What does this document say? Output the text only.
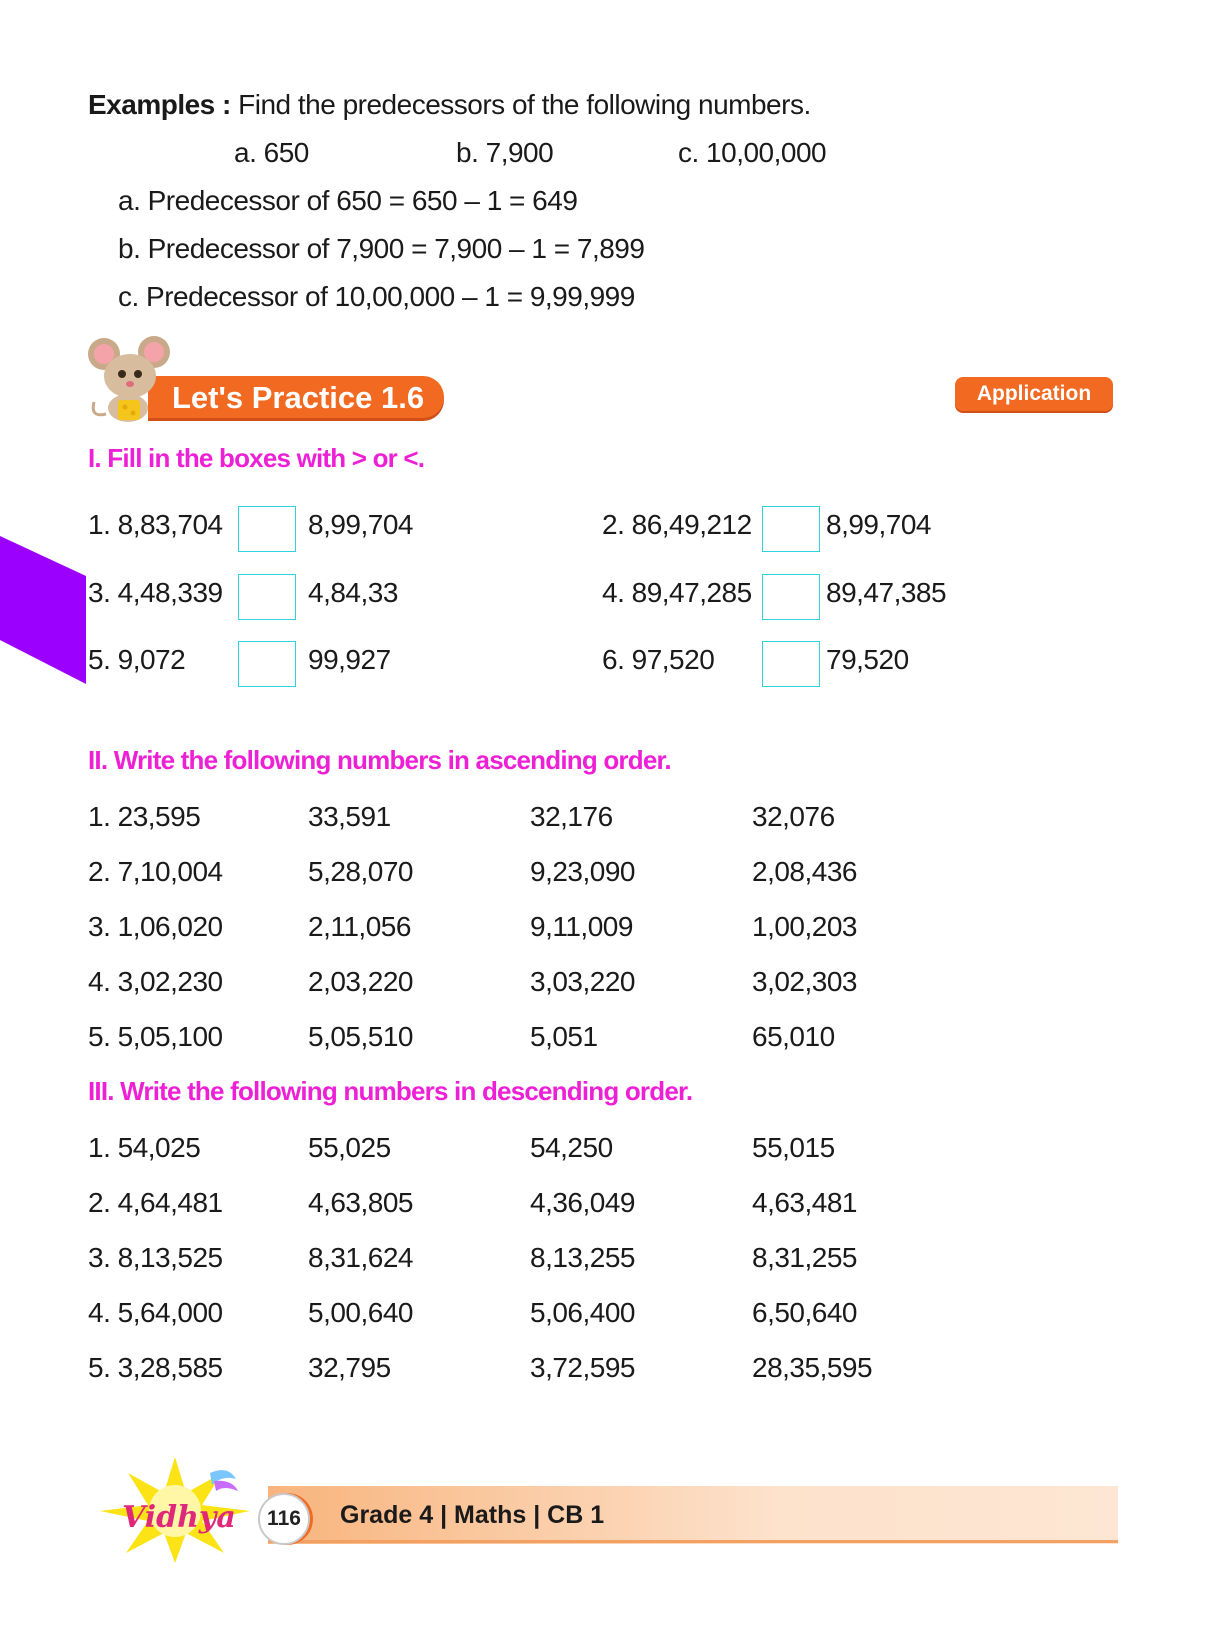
Examples : Find the predecessors of the following numbers.
a. 650	b. 7,900	c. 10,00,000
a. Predecessor of 650 = 650 – 1 = 649
b. Predecessor of 7,900 = 7,900 – 1 = 7,899
c. Predecessor of 10,00,000 – 1 = 9,99,999
Let's Practice 1.6	Application
I. Fill in the boxes with > or <.
1. 8,83,704	8,99,704	2. 86,49,212	8,99,704
3. 4,48,339	4,84,33	4. 89,47,285	89,47,385
5. 9,072	99,927	6. 97,520	79,520
II. Write the following numbers in ascending order.
1. 23,595	33,591	32,176	32,076
2. 7,10,004	5,28,070	9,23,090	2,08,436
3. 1,06,020	2,11,056	9,11,009	1,00,203
4. 3,02,230	2,03,220	3,03,220	3,02,303
5. 5,05,100	5,05,510	5,051	65,010
III. Write the following numbers in descending order.
1. 54,025	55,025	54,250	55,015
2. 4,64,481	4,63,805	4,36,049	4,63,481
3. 8,13,525	8,31,624	8,13,255	8,31,255
4. 5,64,000	5,00,640	5,06,400	6,50,640
5. 3,28,585	32,795	3,72,595	28,35,595
Vidhya	116	Grade 4 | Maths | CB 1
